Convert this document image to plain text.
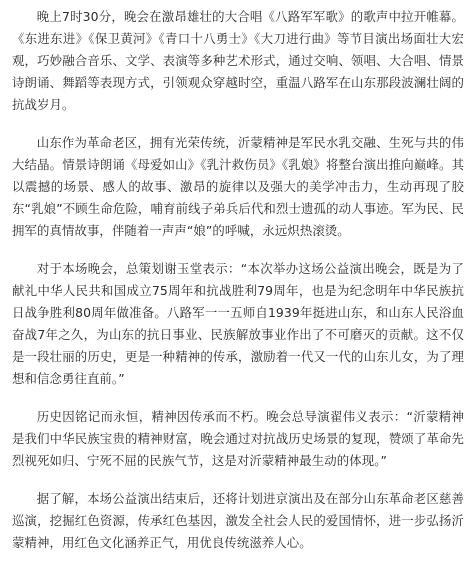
晚上7时30分，晚会在激昂雄壮的大合唱《八路军军歌》的歌声中拉开帷幕。《东进东进》《保卫黄河》《青口十八勇士》《大刀进行曲》等节目演出场面壮大宏观，巧妙融合音乐、文学、表演等多种艺术形式，通过交响、领唱、大合唱、情景诗朗诵、舞蹈等表现方式，引领观众穿越时空，重温八路军在山东那段波澜壮阔的抗战岁月。

山东作为革命老区，拥有光荣传统，沂蒙精神是军民水乳交融、生死与共的伟大结晶。情景诗朗诵《母爱如山》《乳汁救伤员》《乳娘》将整台演出推向巅峰。其以震撼的场景、感人的故事、激昂的旋律以及强大的美学冲击力，生动再现了胶东“乳娘”不顾生命危险，哺育前线子弟兵后代和烈士遗孤的动人事迹。军为民、民拥军的真情故事，伴随着一声声“娘”的呼喊，永远炽热滚烫。

对于本场晚会，总策划谢玉堂表示：“本次举办这场公益演出晚会，既是为了献礼中华人民共和国成立75周年和抗战胜利79周年，也是为纪念明年中华民族抗日战争胜利80周年做准备。八路军一一五师自1939年挺进山东，和山东人民浴血奋战7年之久，为山东的抗日事业、民族解放事业作出了不可磨灭的贡献。这不仅是一段壮丽的历史，更是一种精神的传承，激励着一代又一代的山东儿女，为了理想和信念勇往直前。”

历史因铭记而永恒，精神因传承而不朽。晚会总导演翟伟义表示：“沂蒙精神是我们中华民族宝贵的精神财富，晚会通过对抗战历史场景的复现，赞颂了革命先烈视死如归、宁死不屈的民族气节，这是对沂蒙精神最生动的体现。”

据了解，本场公益演出结束后，还将计划进京演出及在部分山东革命老区慈善巡演，挖掘红色资源，传承红色基因，激发全社会人民的爱国情怀，进一步弘扬沂蒙精神，用红色文化涵养正气，用优良传统滋养人心。
